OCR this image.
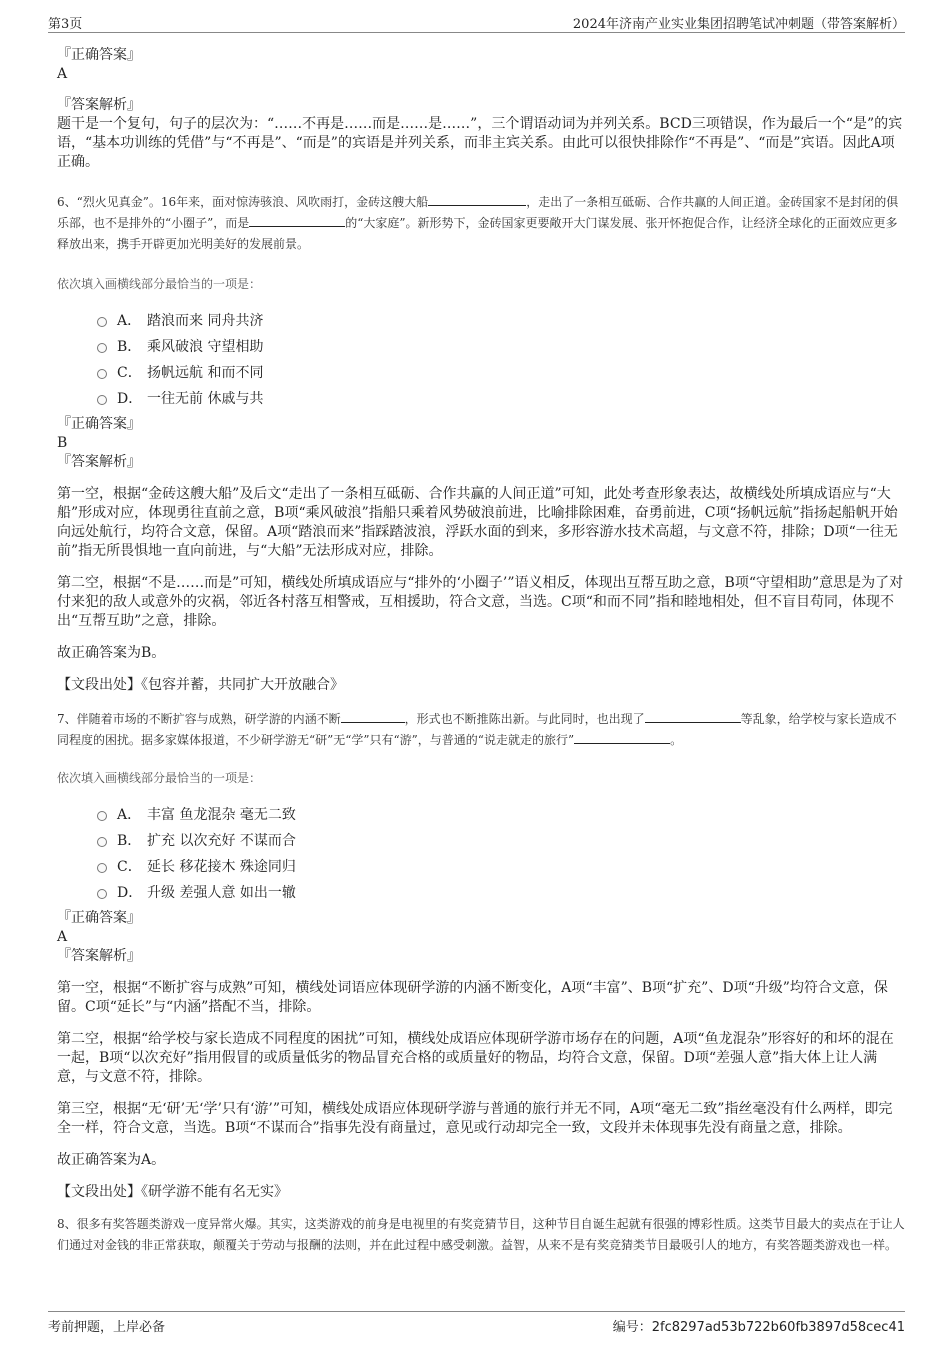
第3页	2024年济南产业实业集团招聘笔试冲刺题（带答案解析）
『正确答案』
A
『答案解析』

题干是一个复句，句子的层次为：“……不再是……而是……是……”，三个谓语动词为并列关系。BCD三项错误，作为最后一个“是”的宾语，“基本功训练的凭借”与“不再是”、“而是”的宾语是并列关系，而非主宾关系。由此可以很快排除作“不再是”、“而是”宾语。因此A项正确。

6、“烈火见真金”。16年来，面对惊涛骇浪、风吹雨打，金砖这艘大船	，走出了一条相互砥砺、合作共赢的人间正道。金砖国家不是封闭的俱乐部，也不是排外的“小圈子”，而是	的“大家庭”。新形势下，金砖国家更要敞开大门谋发展、张开怀抱促合作，让经济全球化的正面效应更多释放出来，携手开辟更加光明美好的发展前景。

依次填入画横线部分最恰当的一项是：

A． 踏浪而来 同舟共济
B． 乘风破浪 守望相助
C． 扬帆远航 和而不同
D． 一往无前 休戚与共
『正确答案』
B
『答案解析』

第一空，根据“金砖这艘大船”及后文“走出了一条相互砥砺、合作共赢的人间正道”可知，此处考查形象表达，故横线处所填成语应与“大船”形成对应，体现勇往直前之意，B项“乘风破浪”指船只乘着风势破浪前进，比喻排除困难，奋勇前进，C项“扬帆远航”指扬起船帆开始向远处航行，均符合文意，保留。A项“踏浪而来”指踩踏波浪，浮跃水面的到来，多形容游水技术高超，与文意不符，排除；D项“一往无前”指无所畏惧地一直向前进，与“大船”无法形成对应，排除。

第二空，根据“不是……而是”可知，横线处所填成语应与“排外的‘小圈子’”语义相反，体现出互帮互助之意，B项“守望相助”意思是为了对付来犯的敌人或意外的灾祸，邻近各村落互相警戒，互相援助，符合文意，当选。C项“和而不同”指和睦地相处，但不盲目苟同，体现不出“互帮互助”之意，排除。

故正确答案为B。

【文段出处】《包容并蓄，共同扩大开放融合》

7、伴随着市场的不断扩容与成熟，研学游的内涵不断	，形式也不断推陈出新。与此同时，也出现了	等乱象，给学校与家长造成不同程度的困扰。据多家媒体报道，不少研学游无“研”无“学”只有“游”，与普通的“说走就走的旅行”	。

依次填入画横线部分最恰当的一项是：

A． 丰富 鱼龙混杂 毫无二致
B． 扩充 以次充好 不谋而合
C． 延长 移花接木 殊途同归
D． 升级 差强人意 如出一辙
『正确答案』
A
『答案解析』

第一空，根据“不断扩容与成熟”可知，横线处词语应体现研学游的内涵不断变化，A项“丰富”、B项“扩充”、D项“升级”均符合文意，保留。C项“延长”与“内涵”搭配不当，排除。

第二空，根据“给学校与家长造成不同程度的困扰”可知，横线处成语应体现研学游市场存在的问题，A项“鱼龙混杂”形容好的和坏的混在一起，B项“以次充好”指用假冒的或质量低劣的物品冒充合格的或质量好的物品，均符合文意，保留。D项“差强人意”指大体上让人满意，与文意不符，排除。

第三空，根据“无‘研’无‘学’只有‘游’”可知，横线处成语应体现研学游与普通的旅行并无不同，A项“毫无二致”指丝毫没有什么两样，即完全一样，符合文意，当选。B项“不谋而合”指事先没有商量过，意见或行动却完全一致，文段并未体现事先没有商量之意，排除。

故正确答案为A。

【文段出处】《研学游不能有名无实》

8、很多有奖答题类游戏一度异常火爆。其实，这类游戏的前身是电视里的有奖竞猜节目，这种节目自诞生起就有很强的博彩性质。这类节目最大的卖点在于让人们通过对金钱的非正常获取，颠覆关于劳动与报酬的法则，并在此过程中感受刺激。益智，从来不是有奖竞猜类节目最吸引人的地方，有奖答题类游戏也一样。

考前押题，上岸必备	编号：2fc8297ad53b722b60fb3897d58cec41
